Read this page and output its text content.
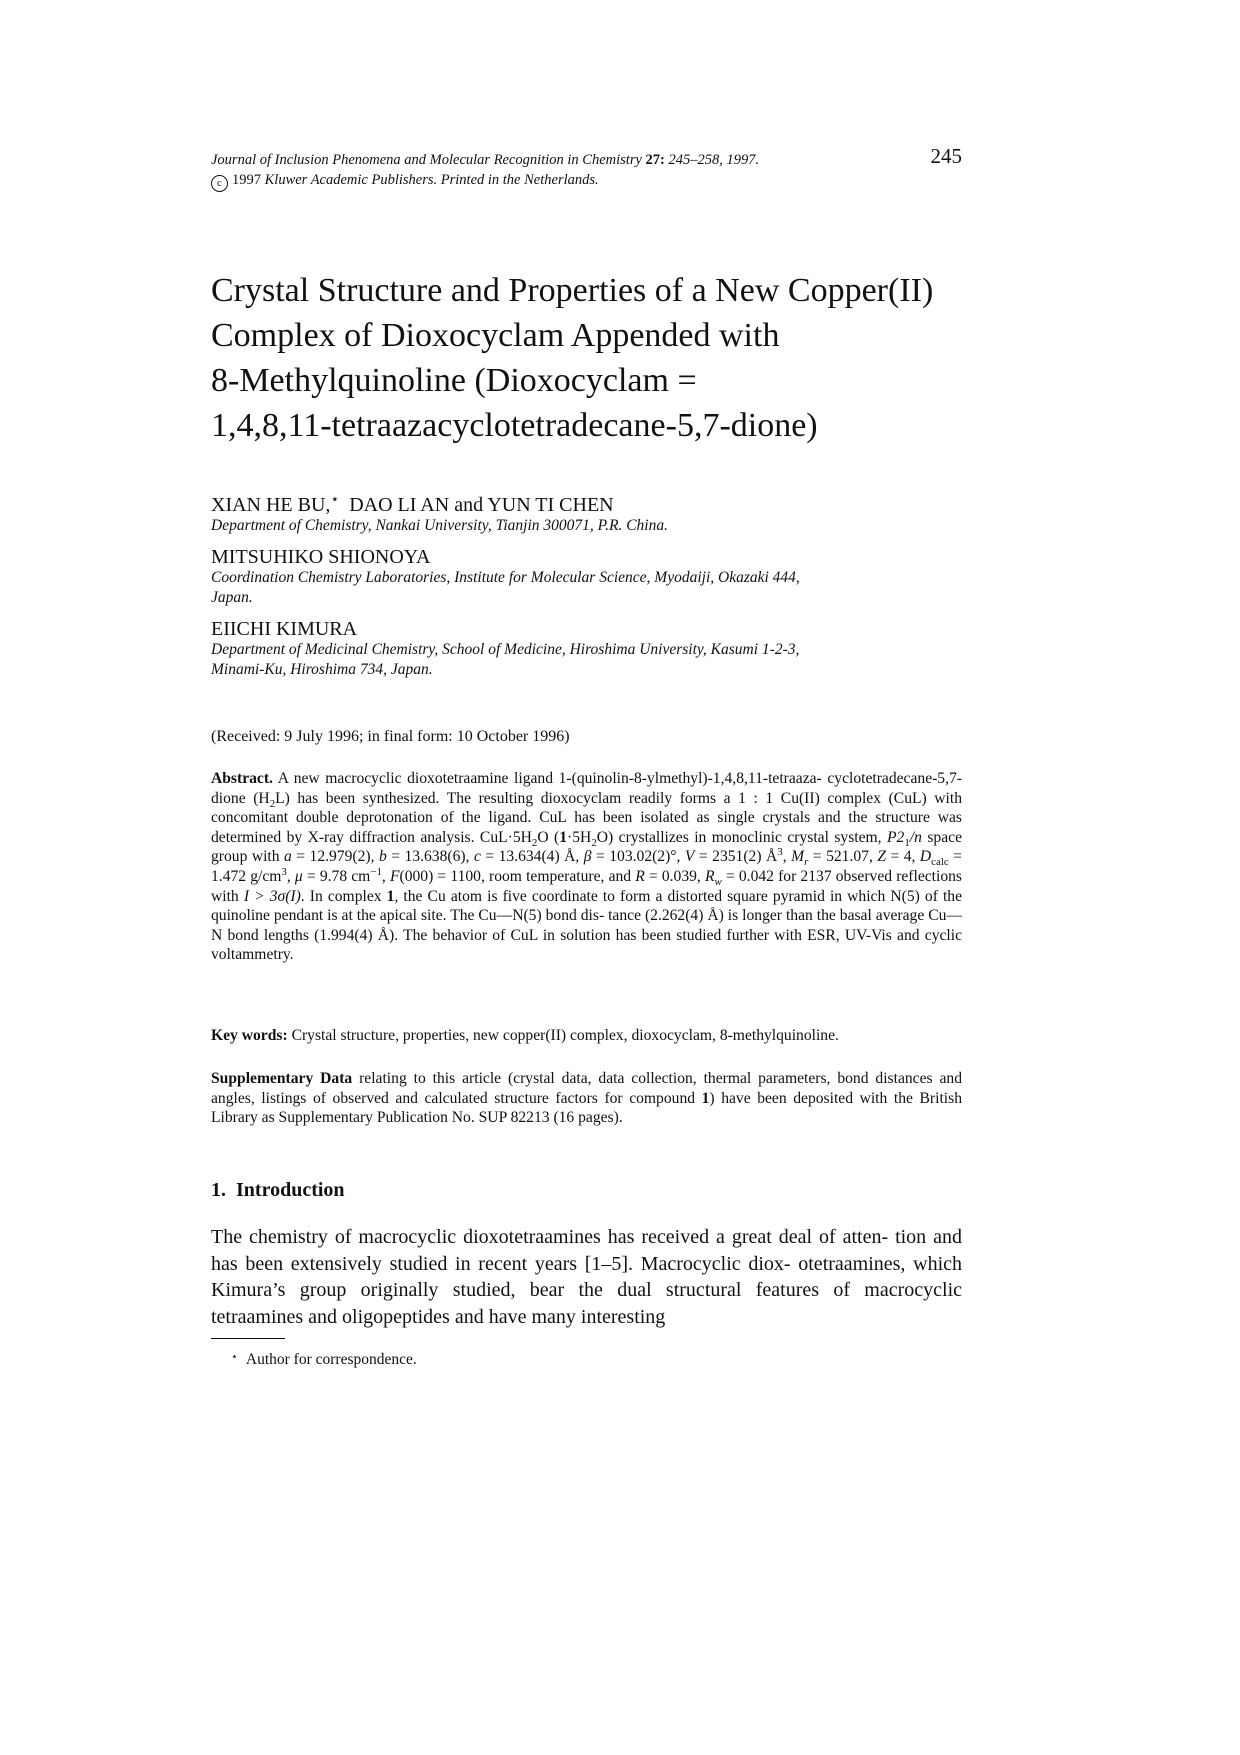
Journal of Inclusion Phenomena and Molecular Recognition in Chemistry 27: 245–258, 1997.
c 1997 Kluwer Academic Publishers. Printed in the Netherlands.
245
Crystal Structure and Properties of a New Copper(II)
Complex of Dioxocyclam Appended with
8-Methylquinoline (Dioxocyclam =
1,4,8,11-tetraazacyclotetradecane-5,7-dione)
XIAN HE BU,⋆  DAO LI AN and YUN TI CHEN
Department of Chemistry, Nankai University, Tianjin 300071, P.R. China.
MITSUHIKO SHIONOYA
Coordination Chemistry Laboratories, Institute for Molecular Science, Myodaiji, Okazaki 444,
Japan.
EIICHI KIMURA
Department of Medicinal Chemistry, School of Medicine, Hiroshima University, Kasumi 1-2-3,
Minami-Ku, Hiroshima 734, Japan.
(Received: 9 July 1996; in final form: 10 October 1996)
Abstract. A new macrocyclic dioxotetraamine ligand 1-(quinolin-8-ylmethyl)-1,4,8,11-tetraaza- cyclotetradecane-5,7-dione $(H_2L)$ has been synthesized. The resulting dioxocyclam readily forms a 1 : 1 Cu(II) complex (CuL) with concomitant double deprotonation of the ligand. CuL has been isolated as single crystals and the structure was determined by X-ray diffraction analysis. $CuL\cdot 5H_2O$ $(1\cdot 5H_2O)$ crystallizes in monoclinic crystal system, $P2_1/n$ space group with a = 12.979(2), b = 13.638(6), c = 13.634(4) Å, β = 103.02(2)°, V = 2351(2) $Å^3$, $M_r = 521.07$, Z = 4, $D_{calc} = 1.472$ $g/cm^3$, μ = 9.78 $cm^{-1}$, F(000) = 1100, room temperature, and R = 0.039, $R_w = 0.042$ for 2137 observed reflections with I > 3σ(I). In complex 1, the Cu atom is five coordinate to form a distorted square pyramid in which N(5) of the quinoline pendant is at the apical site. The Cu—N(5) bond dis- tance (2.262(4) Å) is longer than the basal average Cu—N bond lengths (1.994(4) Å). The behavior of CuL in solution has been studied further with ESR, UV-Vis and cyclic voltammetry.
Key words: Crystal structure, properties, new copper(II) complex, dioxocyclam, 8-methylquinoline.
Supplementary Data relating to this article (crystal data, data collection, thermal parameters, bond distances and angles, listings of observed and calculated structure factors for compound 1) have been deposited with the British Library as Supplementary Publication No. SUP 82213 (16 pages).
1.  Introduction
The chemistry of macrocyclic dioxotetraamines has received a great deal of atten- tion and has been extensively studied in recent years [1–5]. Macrocyclic diox- otetraamines, which Kimura’s group originally studied, bear the dual structural features of macrocyclic tetraamines and oligopeptides and have many interesting
⋆ Author for correspondence.
